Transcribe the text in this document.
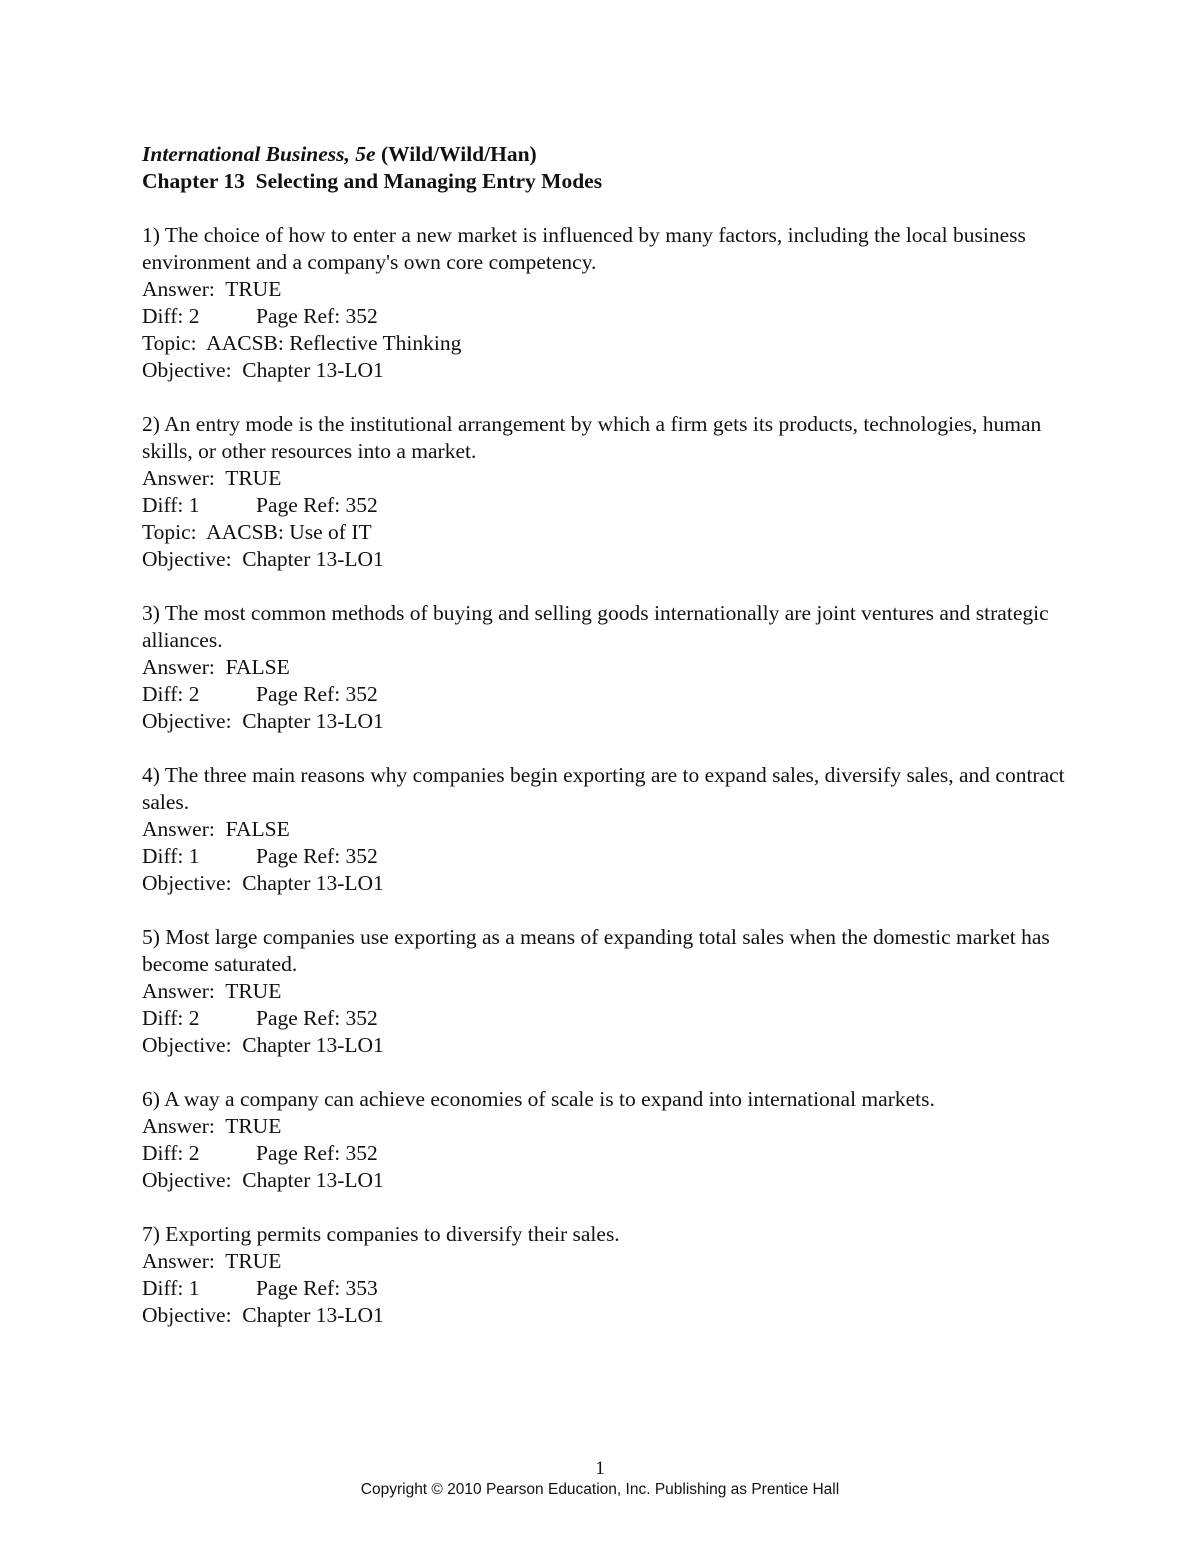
International Business, 5e (Wild/Wild/Han)

Chapter 13  Selecting and Managing Entry Modes

1) The choice of how to enter a new market is influenced by many factors, including the local business environment and a company's own core competency.

Answer:  TRUE

Diff: 2	Page Ref: 352

Topic:  AACSB: Reflective Thinking

Objective:  Chapter 13-LO1

2) An entry mode is the institutional arrangement by which a firm gets its products, technologies, human skills, or other resources into a market.

Answer:  TRUE

Diff: 1	Page Ref: 352

Topic:  AACSB: Use of IT

Objective:  Chapter 13-LO1

3) The most common methods of buying and selling goods internationally are joint ventures and strategic alliances.

Answer:  FALSE

Diff: 2	Page Ref: 352

Objective:  Chapter 13-LO1

4) The three main reasons why companies begin exporting are to expand sales, diversify sales, and contract sales.

Answer:  FALSE

Diff: 1	Page Ref: 352

Objective:  Chapter 13-LO1

5) Most large companies use exporting as a means of expanding total sales when the domestic market has become saturated.

Answer:  TRUE

Diff: 2	Page Ref: 352

Objective:  Chapter 13-LO1

6) A way a company can achieve economies of scale is to expand into international markets.

Answer:  TRUE

Diff: 2	Page Ref: 352

Objective:  Chapter 13-LO1

7) Exporting permits companies to diversify their sales.

Answer:  TRUE

Diff: 1	Page Ref: 353

Objective:  Chapter 13-LO1

1
Copyright © 2010 Pearson Education, Inc. Publishing as Prentice Hall
